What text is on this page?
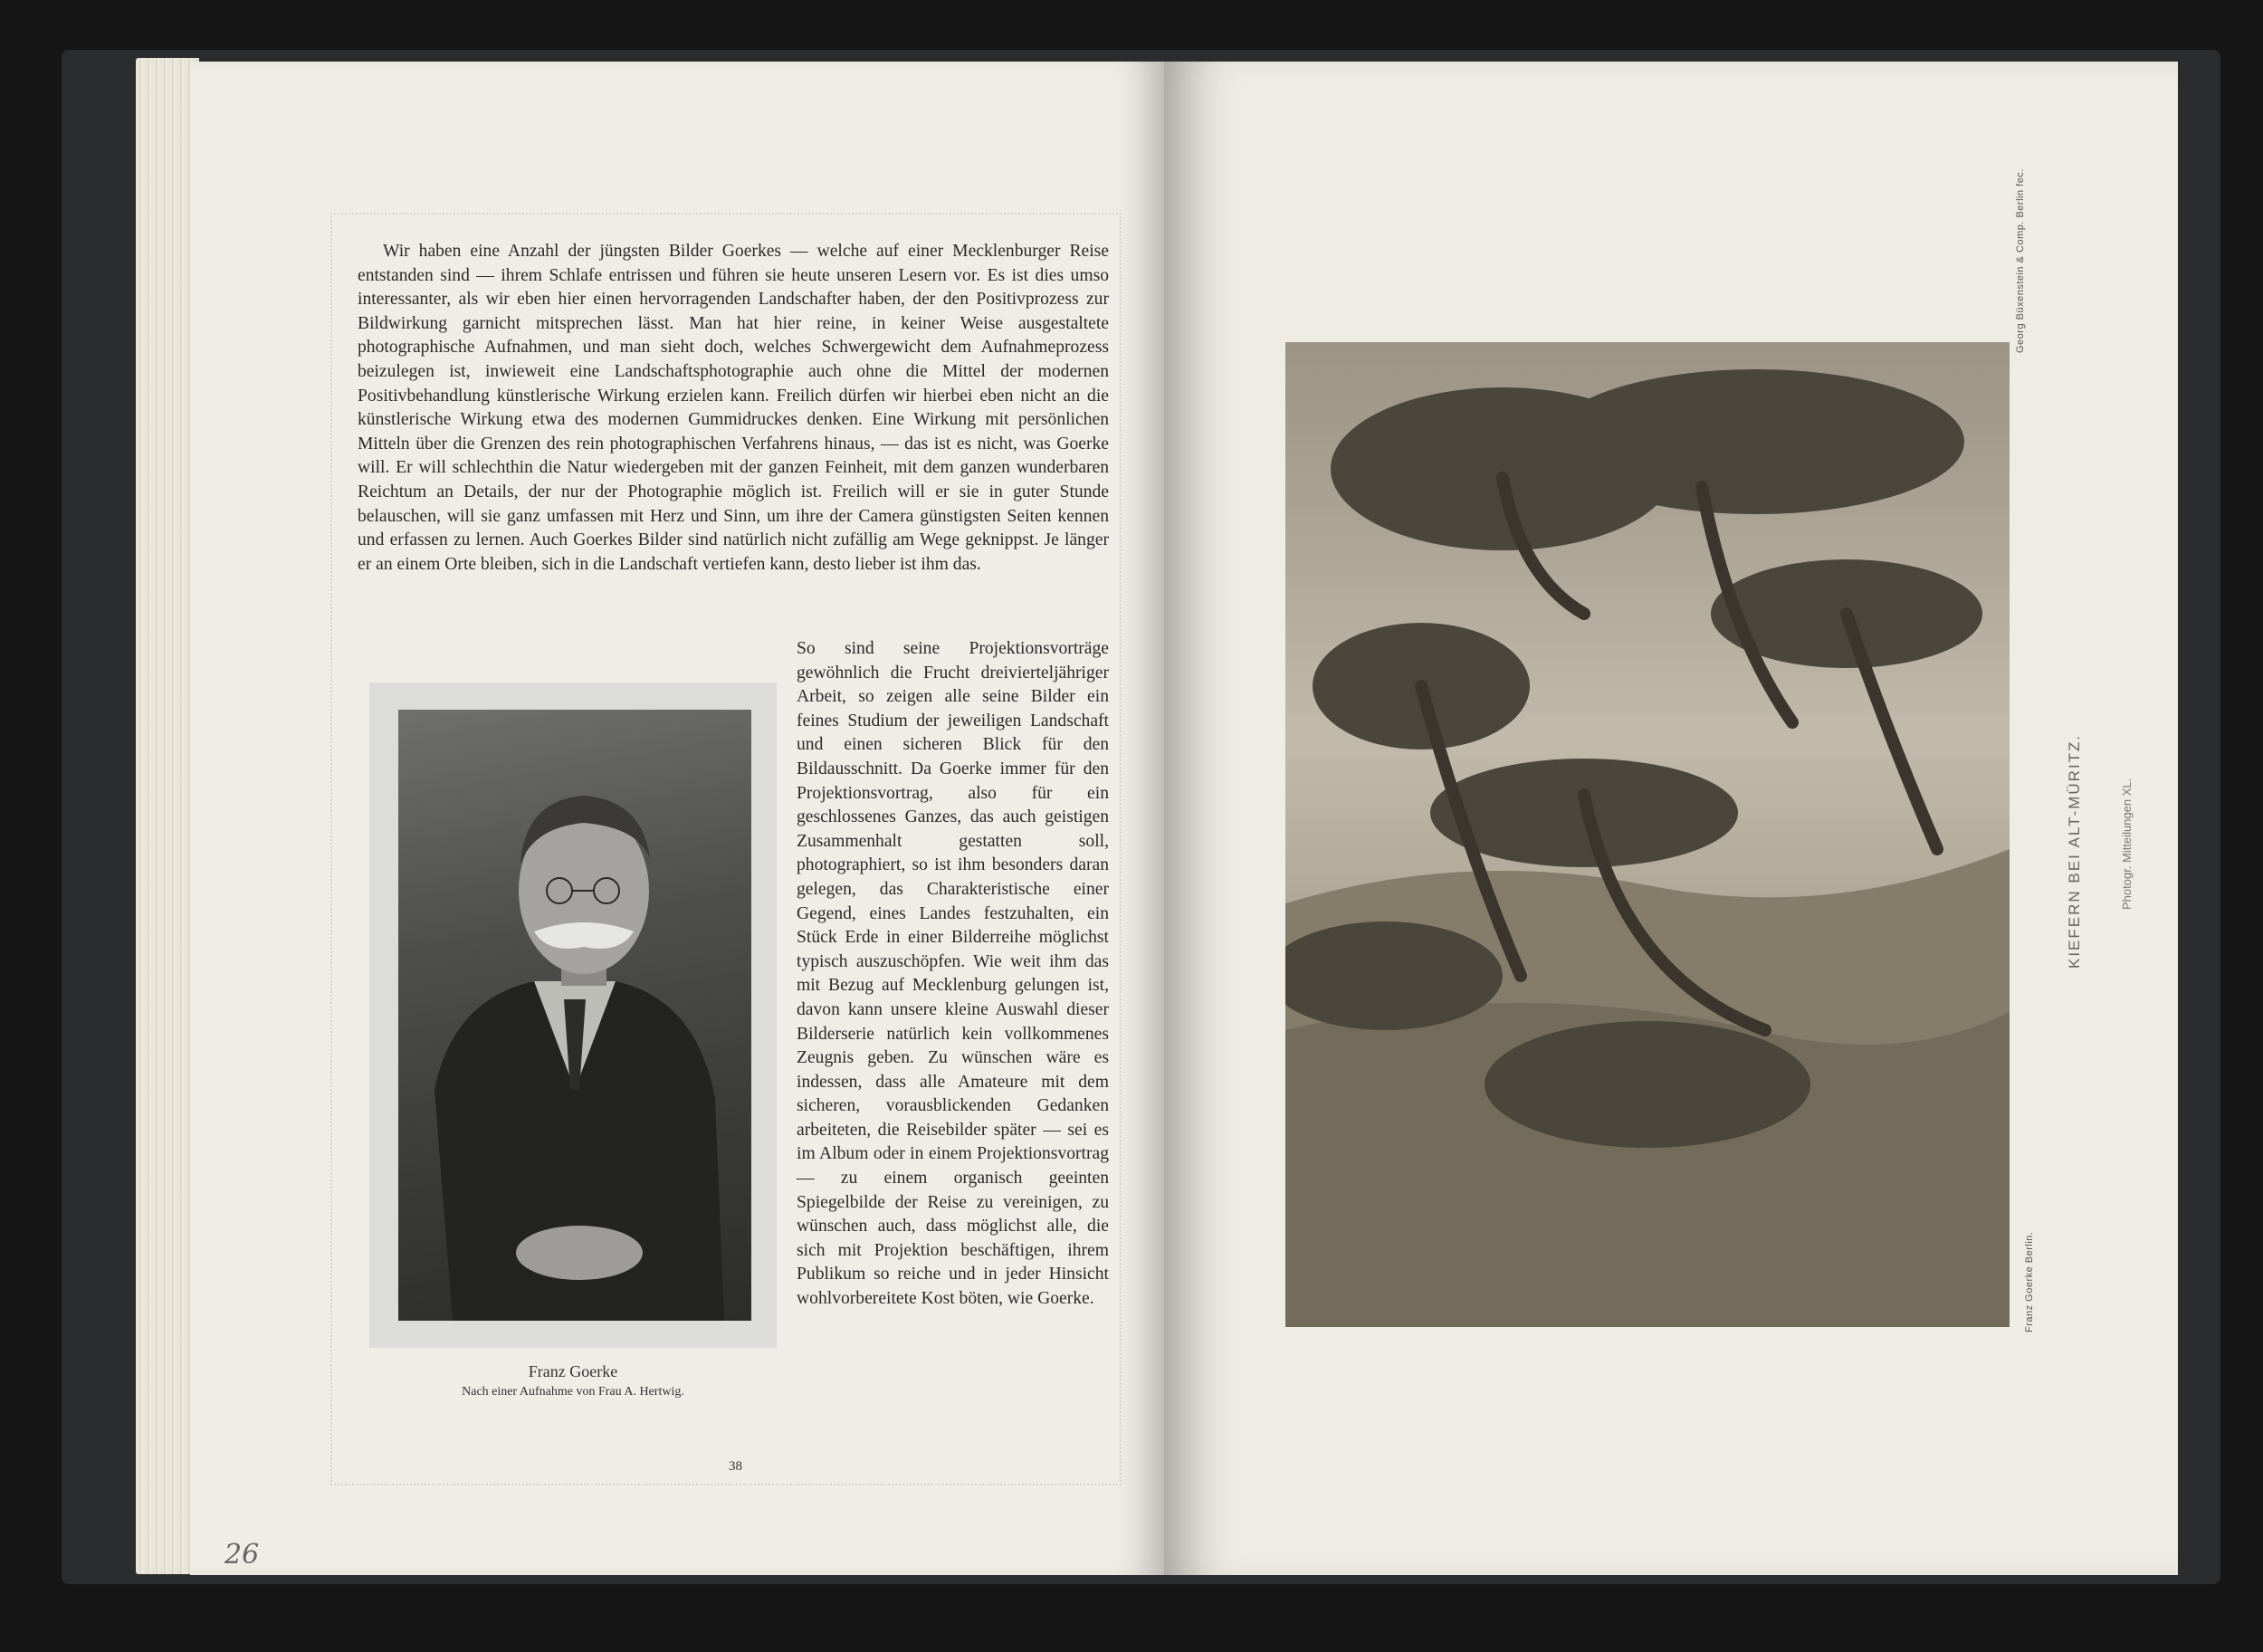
Wir haben eine Anzahl der jüngsten Bilder Goerkes — welche auf einer Mecklenburger Reise entstanden sind — ihrem Schlafe entrissen und führen sie heute unseren Lesern vor. Es ist dies umso interessanter, als wir eben hier einen hervorragenden Landschafter haben, der den Positivprozess zur Bildwirkung garnicht mitsprechen lässt. Man hat hier reine, in keiner Weise ausgestaltete photographische Aufnahmen, und man sieht doch, welches Schwergewicht dem Aufnahmeprozess beizulegen ist, inwieweit eine Landschaftsphotographie auch ohne die Mittel der modernen Positivbehandlung künstlerische Wirkung erzielen kann. Freilich dürfen wir hierbei eben nicht an die künstlerische Wirkung etwa des modernen Gummidruckes denken. Eine Wirkung mit persönlichen Mitteln über die Grenzen des rein photographischen Verfahrens hinaus, — das ist es nicht, was Goerke will. Er will schlechthin die Natur wiedergeben mit der ganzen Feinheit, mit dem ganzen wunderbaren Reichtum an Details, der nur der Photographie möglich ist. Freilich will er sie in guter Stunde belauschen, will sie ganz umfassen mit Herz und Sinn, um ihre der Camera günstigsten Seiten kennen und erfassen zu lernen. Auch Goerkes Bilder sind natürlich nicht zufällig am Wege geknippst. Je länger er an einem Orte bleiben, sich in die Landschaft vertiefen kann, desto lieber ist ihm das.

Franz Goerke
Nach einer Aufnahme von Frau A. Hertwig.
So sind seine Projektionsvorträge gewöhnlich die Frucht dreivierteljähriger Arbeit, so zeigen alle seine Bilder ein feines Studium der jeweiligen Landschaft und einen sicheren Blick für den Bildausschnitt. Da Goerke immer für den Projektionsvortrag, also für ein geschlossenes Ganzes, das auch geistigen Zusammenhalt gestatten soll, photographiert, so ist ihm besonders daran gelegen, das Charakteristische einer Gegend, eines Landes festzuhalten, ein Stück Erde in einer Bilderreihe möglichst typisch auszuschöpfen. Wie weit ihm das mit Bezug auf Mecklenburg gelungen ist, davon kann unsere kleine Auswahl dieser Bilderserie natürlich kein vollkommenes Zeugnis geben. Zu wünschen wäre es indessen, dass alle Amateure mit dem sicheren, vorausblickenden Gedanken arbeiteten, die Reisebilder später — sei es im Album oder in einem Projektionsvortrag — zu einem organisch geeinten Spiegelbilde der Reise zu vereinigen, zu wünschen auch, dass möglichst alle, die sich mit Projektion beschäftigen, ihrem Publikum so reiche und in jeder Hinsicht wohlvorbereitete Kost böten, wie Goerke.
38
26
Georg Büxenstein & Comp. Berlin fec.
Franz Goerke Berlin.
KIEFERN BEI ALT-MÜRITZ.	Photogr. Mitteilungen XL.
